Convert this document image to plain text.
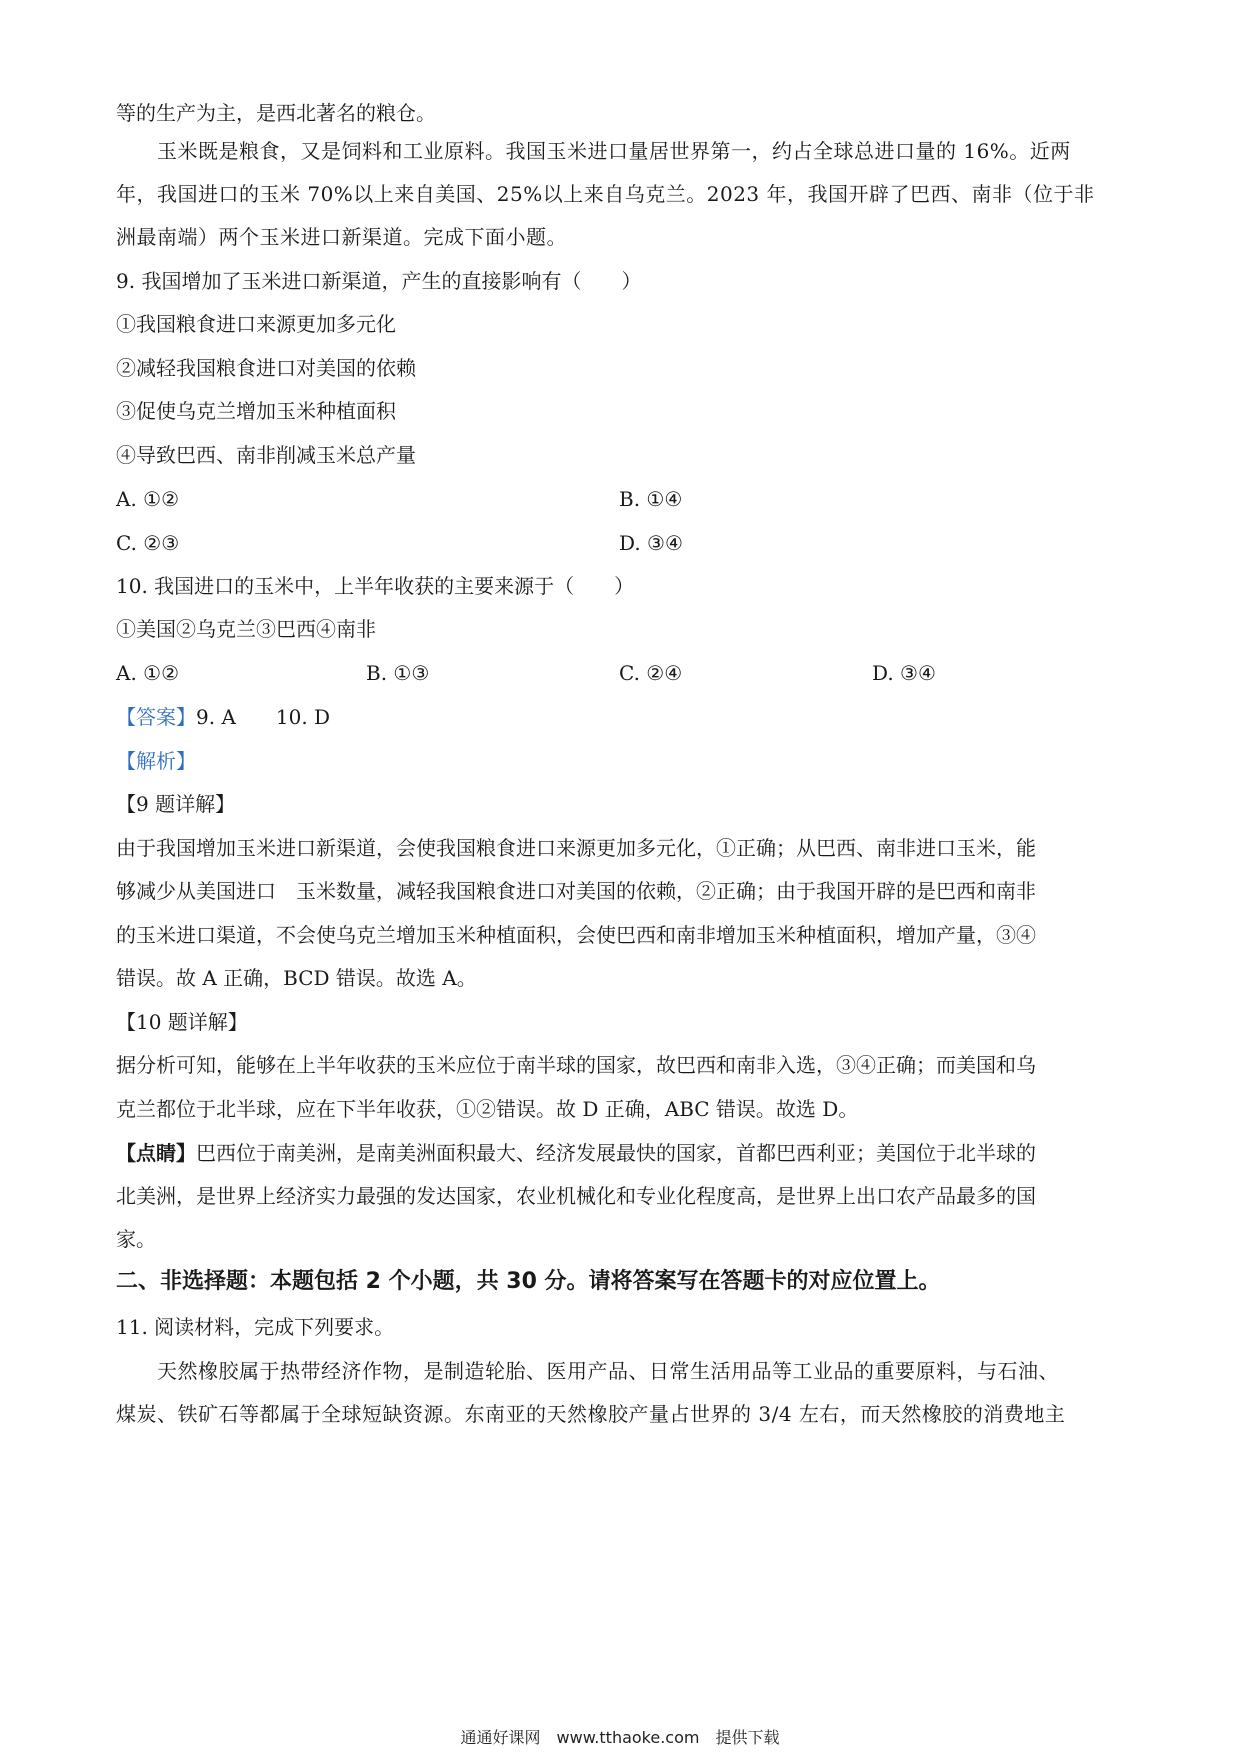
等的生产为主，是西北著名的粮仓。
玉米既是粮食，又是饲料和工业原料。我国玉米进口量居世界第一，约占全球总进口量的 16%。近两
年，我国进口的玉米 70%以上来自美国、25%以上来自乌克兰。2023 年，我国开辟了巴西、南非（位于非
洲最南端）两个玉米进口新渠道。完成下面小题。
9. 我国增加了玉米进口新渠道，产生的直接影响有（　　）
①我国粮食进口来源更加多元化
②减轻我国粮食进口对美国的依赖
③促使乌克兰增加玉米种植面积
④导致巴西、南非削减玉米总产量
A. ①②	B. ①④
C. ②③	D. ③④
10. 我国进口的玉米中，上半年收获的主要来源于（　　）
①美国②乌克兰③巴西④南非
A. ①②	B. ①③	C. ②④	D. ③④
【答案】9. A　　10. D
【解析】
【9 题详解】
由于我国增加玉米进口新渠道，会使我国粮食进口来源更加多元化，①正确；从巴西、南非进口玉米，能
够减少从美国进口　玉米数量，减轻我国粮食进口对美国的依赖，②正确；由于我国开辟的是巴西和南非
的玉米进口渠道，不会使乌克兰增加玉米种植面积，会使巴西和南非增加玉米种植面积，增加产量，③④
错误。故 A 正确，BCD 错误。故选 A。
【10 题详解】
据分析可知，能够在上半年收获的玉米应位于南半球的国家，故巴西和南非入选，③④正确；而美国和乌
克兰都位于北半球，应在下半年收获，①②错误。故 D 正确，ABC 错误。故选 D。
【点睛】巴西位于南美洲，是南美洲面积最大、经济发展最快的国家，首都巴西利亚；美国位于北半球的
北美洲，是世界上经济实力最强的发达国家，农业机械化和专业化程度高，是世界上出口农产品最多的国
家。
二、非选择题：本题包括 2 个小题，共 30 分。请将答案写在答题卡的对应位置上。
11. 阅读材料，完成下列要求。
天然橡胶属于热带经济作物，是制造轮胎、医用产品、日常生活用品等工业品的重要原料，与石油、
煤炭、铁矿石等都属于全球短缺资源。东南亚的天然橡胶产量占世界的 3/4 左右，而天然橡胶的消费地主
通通好课网　www.tthaoke.com　提供下载
